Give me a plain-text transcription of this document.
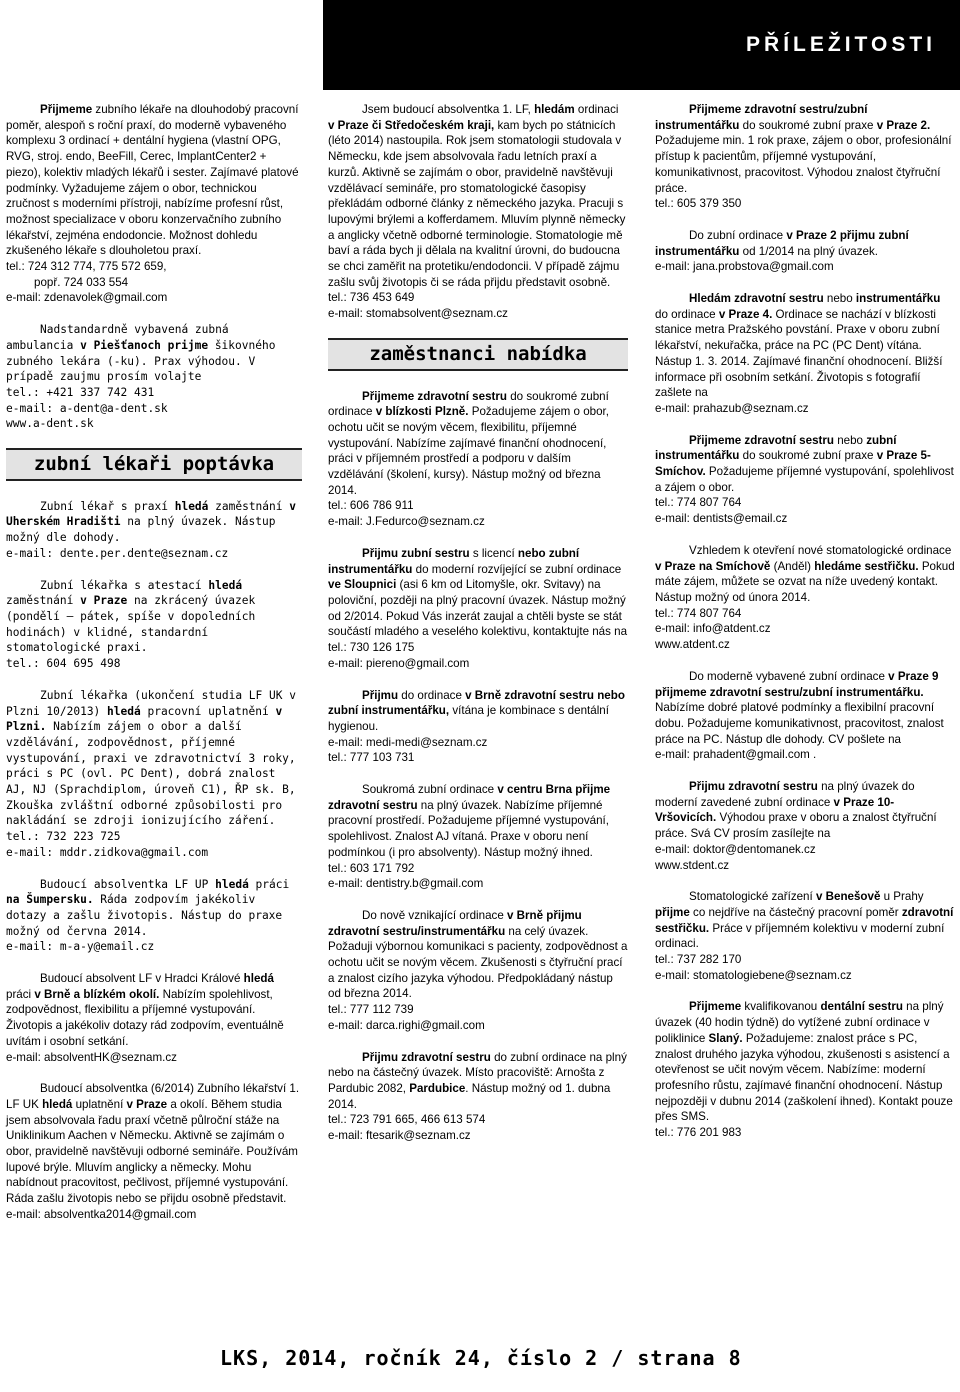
PŘÍLEŽITOSTI

Přijmeme zubního lékaře na dlouhodobý pracovní poměr, alespoň s roční praxí, do moderně vybaveného komplexu 3 ordinací + dentální hygiena (vlastní OPG, RVG, stroj. endo, BeeFill, Cerec, ImplantCenter2 + piezo), kolektiv mladých lékařů i sester. Zajímavé platové podmínky. Vyžadujeme zájem o obor, technickou zručnost s moderními přístroji, nabízíme profesní růst, možnost specializace v oboru konzervačního zubního lékařství, zejména endodoncie. Možnost dohledu zkušeného lékaře s dlouholetou praxí.

tel.: 724 312 774, 775 572 659,

popř. 724 033 554

e-mail: zdenavolek@gmail.com

Nadstandardně vybavená zubná ambulancia v Piešťanoch prijme šikovného zubného lekára (-ku). Prax výhodou. V prípadě zaujmu prosím volajte

tel.: +421 337 742 431

e-mail: a-dent@a-dent.sk

www.a-dent.sk

zubní lékaři poptávka

Zubní lékař s praxí hledá zaměstnání v Uherském Hradišti na plný úvazek. Nástup možný dle dohody.

e-mail: dente.per.dente@seznam.cz

Zubní lékařka s atestací hledá zaměstnání v Praze na zkrácený úvazek (pondělí – pátek, spíše v dopoledních hodinách) v klidné, standardní stomatologické praxi.

tel.: 604 695 498

Zubní lékařka (ukončení studia LF UK v Plzni 10/2013) hledá pracovní uplatnění v Plzni. Nabízím zájem o obor a další vzdělávání, zodpovědnost, příjemné vystupování, praxi ve zdravotnictví 3 roky, práci s PC (ovl. PC Dent), dobrá znalost AJ, NJ (Sprachdiplom, úroveň C1), ŘP sk. B, Zkouška zvláštní odborné způsobilosti pro nakládání se zdroji ionizujícího záření.

tel.: 732 223 725

e-mail: mddr.zidkova@gmail.com

Budoucí absolventka LF UP hledá práci na Šumpersku. Ráda zodpovím jakékoliv dotazy a zašlu životopis. Nástup do praxe možný od června 2014.

e-mail: m-a-y@email.cz

Budoucí absolvent LF v Hradci Králové hledá práci v Brně a blízkém okolí. Nabízím spolehlivost, zodpovědnost, flexibilitu a příjemné vystupování. Životopis a jakékoliv dotazy rád zodpovím, eventuálně uvítám i osobní setkání.

e-mail: absolventHK@seznam.cz

Budoucí absolventka (6/2014) Zubního lékařství 1. LF UK hledá uplatnění v Praze a okolí. Během studia jsem absolvovala řadu praxí včetně půlroční stáže na Uniklinikum Aachen v Německu. Aktivně se zajímám o obor, pravidelně navštěvuji odborné semináře. Používám lupové brýle. Mluvím anglicky a německy. Mohu nabídnout pracovitost, pečlivost, příjemné vystupování. Ráda zašlu životopis nebo se přijdu osobně představit.

e-mail: absolventka2014@gmail.com

Jsem budoucí absolventka 1. LF, hledám ordinaci v Praze či Středočeském kraji, kam bych po státnicích (léto 2014) nastoupila. Rok jsem stomatologii studovala v Německu, kde jsem absolvovala řadu letních praxí a kurzů. Aktivně se zajímám o obor, pravidelně navštěvuji vzdělávací semináře, pro stomatologické časopisy překládám odborné články z německého jazyka. Pracuji s lupovými brýlemi a kofferdamem. Mluvím plynně německy a anglicky včetně odborné terminologie. Stomatologie mě baví a ráda bych ji dělala na kvalitní úrovni, do budoucna se chci zaměřit na protetiku/endodoncii. V případě zájmu zašlu svůj životopis či se ráda přijdu představit osobně.

tel.: 736 453 649

e-mail: stomabsolvent@seznam.cz

zaměstnanci nabídka

Přijmeme zdravotní sestru do soukromé zubní ordinace v blízkosti Plzně. Požadujeme zájem o obor, ochotu učit se novým věcem, flexibilitu, příjemné vystupování. Nabízíme zajímavé finanční ohodnocení, práci v příjemném prostředí a podporu v dalším vzdělávání (školení, kursy). Nástup možný od března 2014.

tel.: 606 786 911

e-mail: J.Fedurco@seznam.cz

Přijmu zubní sestru s licencí nebo zubní instrumentářku do moderní rozvíjející se zubní ordinace ve Sloupnici (asi 6 km od Litomyšle, okr. Svitavy) na poloviční, později na plný pracovní úvazek. Nástup možný od 2/2014. Pokud Vás inzerát zaujal a chtěli byste se stát součástí mladého a veselého kolektivu, kontaktujte nás na

tel.: 730 126 175

e-mail: piereno@gmail.com

Přijmu do ordinace v Brně zdravotní sestru nebo zubní instrumentářku, vítána je kombinace s dentální hygienou.

e-mail: medi-medi@seznam.cz

tel.: 777 103 731

Soukromá zubní ordinace v centru Brna přijme zdravotní sestru na plný úvazek. Nabízíme příjemné pracovní prostředí. Požadujeme příjemné vystupování, spolehlivost. Znalost AJ vítaná. Praxe v oboru není podmínkou (i pro absolventy). Nástup možný ihned.

tel.: 603 171 792

e-mail: dentistry.b@gmail.com

Do nově vznikající ordinace v Brně přijmu zdravotní sestru/instrumentářku na celý úvazek. Požaduji výbornou komunikaci s pacienty, zodpovědnost a ochotu učit se novým věcem. Zkušenosti s čtyřruční prací a znalost cizího jazyka výhodou. Předpokládaný nástup od března 2014.

tel.: 777 112 739

e-mail: darca.righi@gmail.com

Přijmu zdravotní sestru do zubní ordinace na plný nebo na částečný úvazek. Místo pracoviště: Arnošta z Pardubic 2082, Pardubice. Nástup možný od 1. dubna 2014.

tel.: 723 791 665, 466 613 574

e-mail: ftesarik@seznam.cz

Přijmeme zdravotní sestru/zubní instrumentářku do soukromé zubní praxe v Praze 2. Požadujeme min. 1 rok praxe, zájem o obor, profesionální přístup k pacientům, příjemné vystupování, komunikativnost, pracovitost. Výhodou znalost čtyřruční práce.

tel.: 605 379 350

Do zubní ordinace v Praze 2 přijmu zubní instrumentářku od 1/2014 na plný úvazek.

e-mail: jana.probstova@gmail.com

Hledám zdravotní sestru nebo instrumentářku do ordinace v Praze 4. Ordinace se nachází v blízkosti stanice metra Pražského povstání. Praxe v oboru zubní lékařství, nekuřačka, práce na PC (PC Dent) vítána. Nástup 1. 3. 2014. Zajímavé finanční ohodnocení. Bližší informace při osobním setkání. Životopis s fotografií zašlete na

e-mail: prahazub@seznam.cz

Přijmeme zdravotní sestru nebo zubní instrumentářku do soukromé zubní praxe v Praze 5-Smíchov. Požadujeme příjemné vystupování, spolehlivost a zájem o obor.

tel.: 774 807 764

e-mail: dentists@email.cz

Vzhledem k otevření nové stomatologické ordinace v Praze na Smíchově (Anděl) hledáme sestřičku. Pokud máte zájem, můžete se ozvat na níže uvedený kontakt. Nástup možný od února 2014.

tel.: 774 807 764

e-mail: info@atdent.cz

www.atdent.cz

Do moderně vybavené zubní ordinace v Praze 9 přijmeme zdravotní sestru/zubní instrumentářku. Nabízíme dobré platové podmínky a flexibilní pracovní dobu. Požadujeme komunikativnost, pracovitost, znalost práce na PC. Nástup dle dohody. CV pošlete na

e-mail: prahadent@gmail.com .

Přijmu zdravotní sestru na plný úvazek do moderní zavedené zubní ordinace v Praze 10-Vršovicích. Výhodou praxe v oboru a znalost čtyřruční práce. Svá CV prosím zasílejte na

e-mail: doktor@dentomanek.cz

www.stdent.cz

Stomatologické zařízení v Benešově u Prahy přijme co nejdříve na částečný pracovní poměr zdravotní sestřičku. Práce v příjemném kolektivu v moderní zubní ordinaci.

tel.: 737 282 170

e-mail: stomatologiebene@seznam.cz

Přijmeme kvalifikovanou dentální sestru na plný úvazek (40 hodin týdně) do vytížené zubní ordinace v poliklinice Slaný. Požadujeme: znalost práce s PC, znalost druhého jazyka výhodou, zkušenosti s asistencí a otevřenost se učit novým věcem. Nabízíme: moderní profesního růstu, zajímavé finanční ohodnocení. Nástup nejpozději v dubnu 2014 (zaškolení ihned). Kontakt pouze přes SMS.

tel.: 776 201 983

LKS, 2014, ročník 24, číslo 2 / strana 8
